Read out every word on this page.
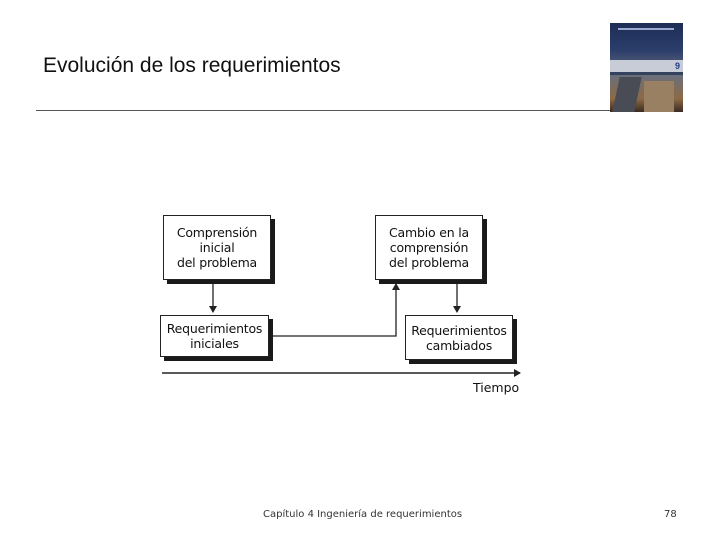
Evolución de los requerimientos	9
Comprensión
inicial
del problema
Cambio en la
comprensión
del problema
Requerimientos
iniciales
Requerimientos
cambiados
Tiempo
Capítulo 4 Ingeniería de requerimientos	78
